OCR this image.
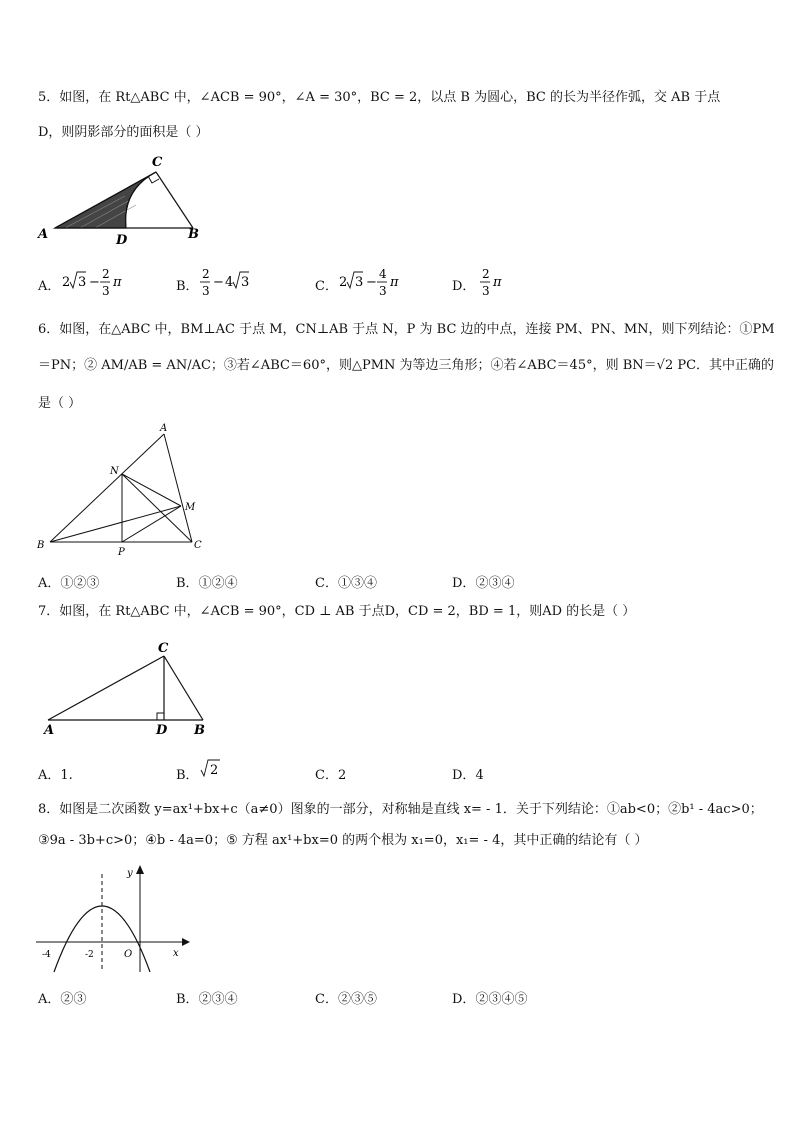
5．如图，在 Rt△ABC 中，∠ACB = 90°，∠A = 30°，BC = 2，以点 B 为圆心，BC 的长为半径作弧，交 AB 于点
D，则阴影部分的面积是（ ）
A
C
D	B
A． 2 3 −
2
3
π	B．
2
3
− 4 3	C． 2 3 −
4
3
π	D．
2
3
π
6．如图，在△ABC 中，BM⊥AC 于点 M，CN⊥AB 于点 N，P 为 BC 边的中点，连接 PM、PN、MN，则下列结论：①PM
＝PN；② AM/AB = AN/AC；③若∠ABC＝60°，则△PMN 为等边三角形；④若∠ABC＝45°，则 BN＝√2 PC．其中正确的
是（ ）
A
N
M
B
P
C
A．①②③	B．①②④	C．①③④	D．②③④
7．如图，在 Rt△ABC 中，∠ACB = 90°，CD ⊥ AB 于点D，CD = 2，BD = 1，则AD 的长是（ ）
C
A	D B
A．1.	B． 2	C．2	D．4
8．如图是二次函数 y=ax¹+bx+c（a≠0）图象的一部分，对称轴是直线 x= - 1．关于下列结论：①ab<0；②b¹ - 4ac>0；
③9a - 3b+c>0；④b - 4a=0；⑤ 方程 ax¹+bx=0 的两个根为 x₁=0，x₁= - 4，其中正确的结论有（ ）
y
x
O
-4	-2
A．②③	B．②③④	C．②③⑤	D．②③④⑤
